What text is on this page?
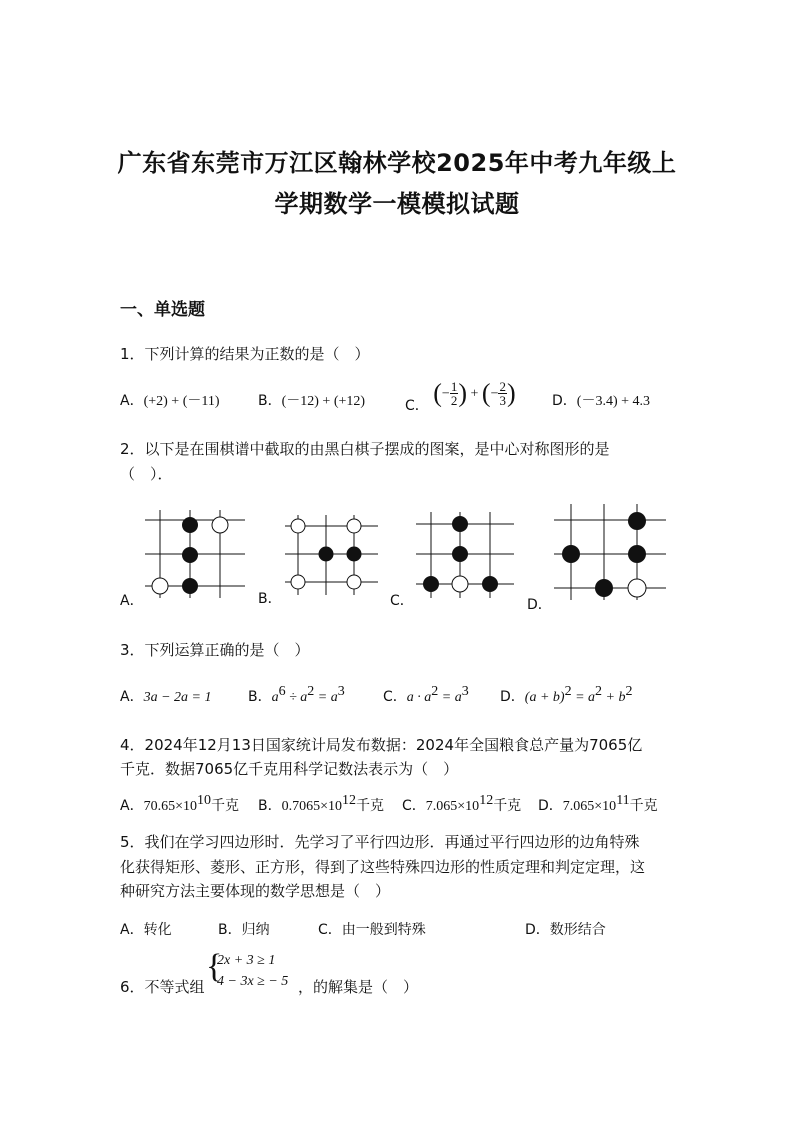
广东省东莞市万江区翰林学校2025年中考九年级上
学期数学一模模拟试题
一、单选题
1．下列计算的结果为正数的是（　）
A．(+2) + (－11)	B．(－12) + (+12)	C． (− $\frac{1}{2}$ ) + (− $\frac{2}{3}$ )	D．(－3.4) + 4.3
2．以下是在围棋谱中截取的由黑白棋子摆成的图案，是中心对称图形的是
（　）．
A．	B．	C．	D．
3．下列运算正确的是（　）
A．3a − 2a = 1	B．$a^6 \div a^2 = a^3$	C．$a \cdot a^2 = a^3$ D．$(a + b)^2 = a^2 + b^2$
4．2024年12月13日国家统计局发布数据：2024年全国粮食总产量为7065亿
千克．数据7065亿千克用科学记数法表示为（　）
A．$70.65\times 10^{10}$千克 B．$0.7065\times 10^{12}$千克 C．$7.065\times 10^{12}$千克 D．$7.065\times 10^{11}$千克
5．我们在学习四边形时．先学习了平行四边形．再通过平行四边形的边角特殊
化获得矩形、菱形、正方形，得到了这些特殊四边形的性质定理和判定定理，这
种研究方法主要体现的数学思想是（　）
A．转化	B．归纳	C．由一般到特殊	D．数形结合
6．不等式组
{
2x + 3 ≥ 1
4 − 3x ≥ − 5 ，的解集是（　）
